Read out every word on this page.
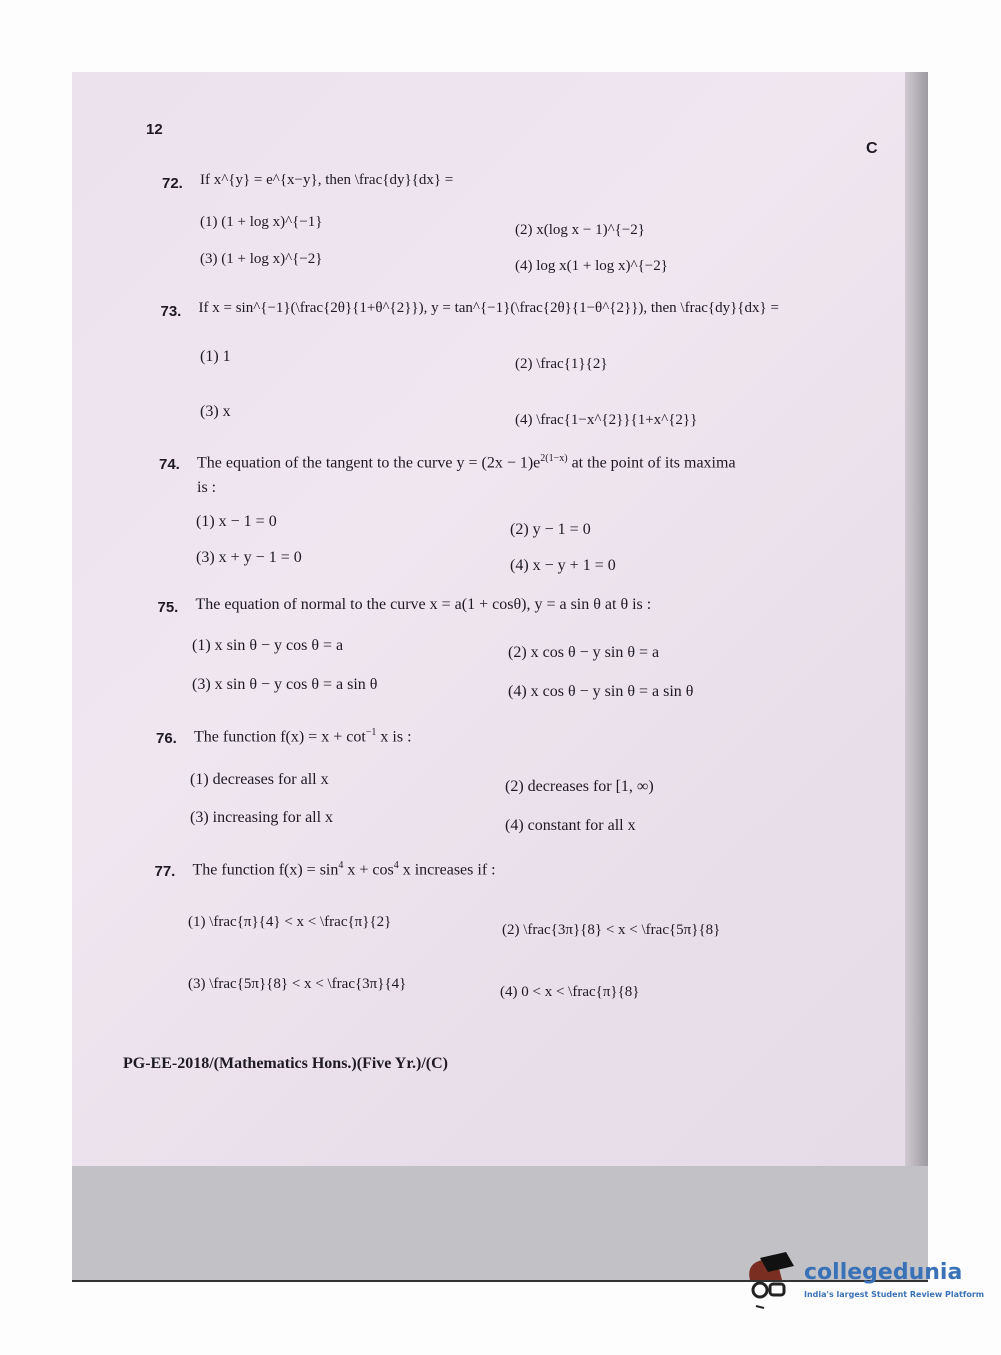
12
C
72. If x^{y} = e^{x−y}, then \frac{dy}{dx} =
(1) (1 + log x)^{−1}	(2) x(log x − 1)^{−2}
(3) (1 + log x)^{−2}	(4) log x(1 + log x)^{−2}
73. If x = sin^{−1}(\frac{2θ}{1+θ^{2}}), y = tan^{−1}(\frac{2θ}{1−θ^{2}}), then \frac{dy}{dx} =
(1) 1	(2) \frac{1}{2}
(3) x	(4) \frac{1−x^{2}}{1+x^{2}}
74. The equation of the tangent to the curve $y = (2x - 1)e^{2(1-x)}$ at the point of its maxima
is :
(1) x − 1 = 0	(2) y − 1 = 0
(3) x + y − 1 = 0	(4) x − y + 1 = 0
75. The equation of normal to the curve x = a(1 + cosθ), y = a sin θ at θ is :
(1) x sin θ − y cos θ = a	(2) x cos θ − y sin θ = a
(3) x sin θ − y cos θ = a sin θ	(4) x cos θ − y sin θ = a sin θ
76. The function $f(x) = x + \cot^{-1} x$ is :
(1) decreases for all x	(2) decreases for [1, ∞)
(3) increasing for all x	(4) constant for all x
77. The function $f(x) = \sin^4 x + \cos^4 x$ increases if :
(1) \frac{π}{4} < x < \frac{π}{2}	(2) \frac{3π}{8} < x < \frac{5π}{8}
(3) \frac{5π}{8} < x < \frac{3π}{4}	(4) 0 < x < \frac{π}{8}
PG-EE-2018/(Mathematics Hons.)(Five Yr.)/(C)
collegedunia
India's largest Student Review Platform
